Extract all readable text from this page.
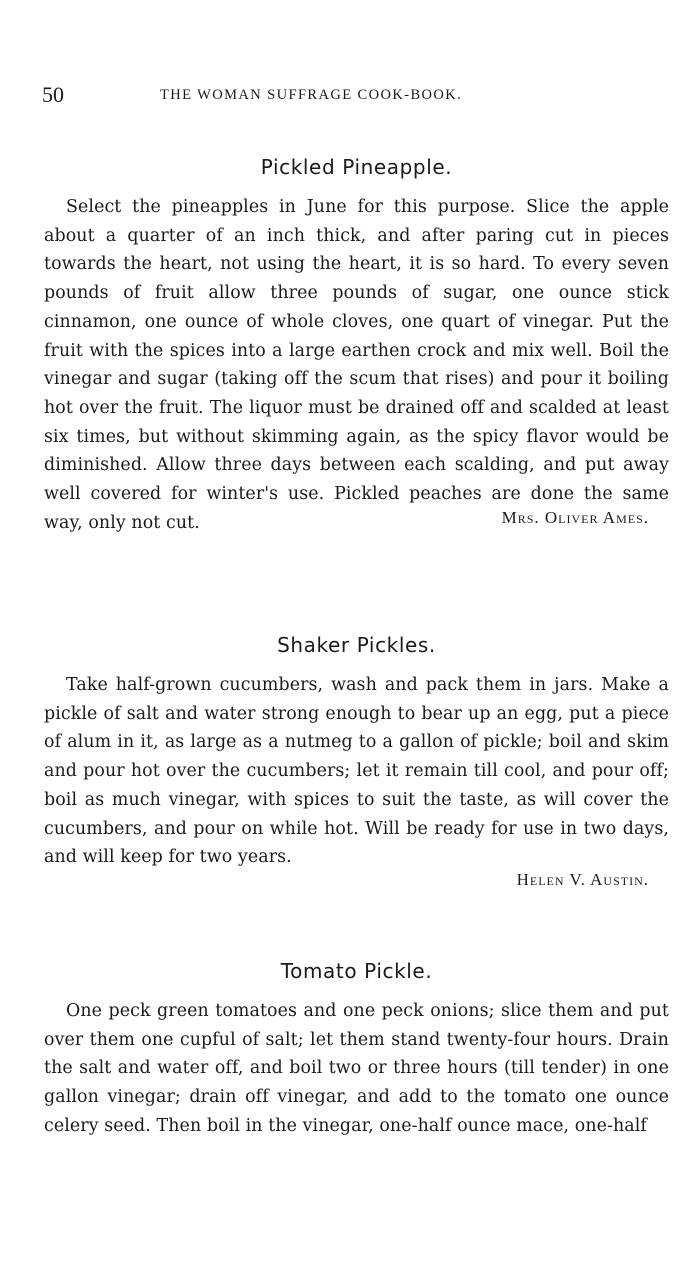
50	THE WOMAN SUFFRAGE COOK-BOOK.
Pickled Pineapple.

Select the pineapples in June for this purpose. Slice the apple about a quarter of an inch thick, and after paring cut in pieces towards the heart, not using the heart, it is so hard. To every seven pounds of fruit allow three pounds of sugar, one ounce stick cinnamon, one ounce of whole cloves, one quart of vinegar. Put the fruit with the spices into a large earthen crock and mix well. Boil the vinegar and sugar (taking off the scum that rises) and pour it boiling hot over the fruit. The liquor must be drained off and scalded at least six times, but without skimming again, as the spicy flavor would be diminished. Allow three days between each scalding, and put away well covered for winter's use. Pickled peaches are done the same way, only not cut.	Mrs. Oliver Ames.

Shaker Pickles.

Take half-grown cucumbers, wash and pack them in jars. Make a pickle of salt and water strong enough to bear up an egg, put a piece of alum in it, as large as a nutmeg to a gallon of pickle; boil and skim and pour hot over the cucumbers; let it remain till cool, and pour off; boil as much vinegar, with spices to suit the taste, as will cover the cucumbers, and pour on while hot. Will be ready for use in two days, and will keep for two years.

Helen V. Austin.

Tomato Pickle.

One peck green tomatoes and one peck onions; slice them and put over them one cupful of salt; let them stand twenty-four hours. Drain the salt and water off, and boil two or three hours (till tender) in one gallon vinegar; drain off vinegar, and add to the tomato one ounce celery seed. Then boil in the vinegar, one-half ounce mace, one-half
